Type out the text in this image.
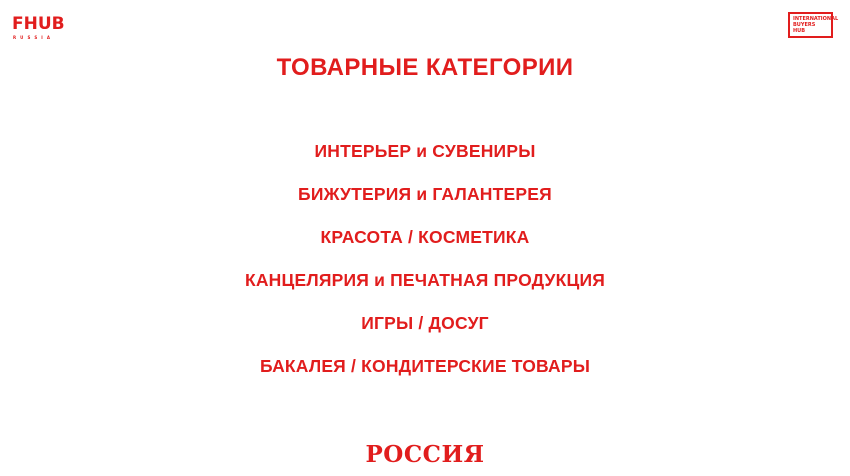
FHUB
RUSSIA
INTERNATIONAL
BUYERS
HUB
ТОВАРНЫЕ КАТЕГОРИИ
ИНТЕРЬЕР и СУВЕНИРЫ
БИЖУТЕРИЯ и ГАЛАНТЕРЕЯ
КРАСОТА / КОСМЕТИКА
КАНЦЕЛЯРИЯ и ПЕЧАТНАЯ ПРОДУКЦИЯ
ИГРЫ / ДОСУГ
БАКАЛЕЯ / КОНДИТЕРСКИЕ ТОВАРЫ
РОССИЯ
